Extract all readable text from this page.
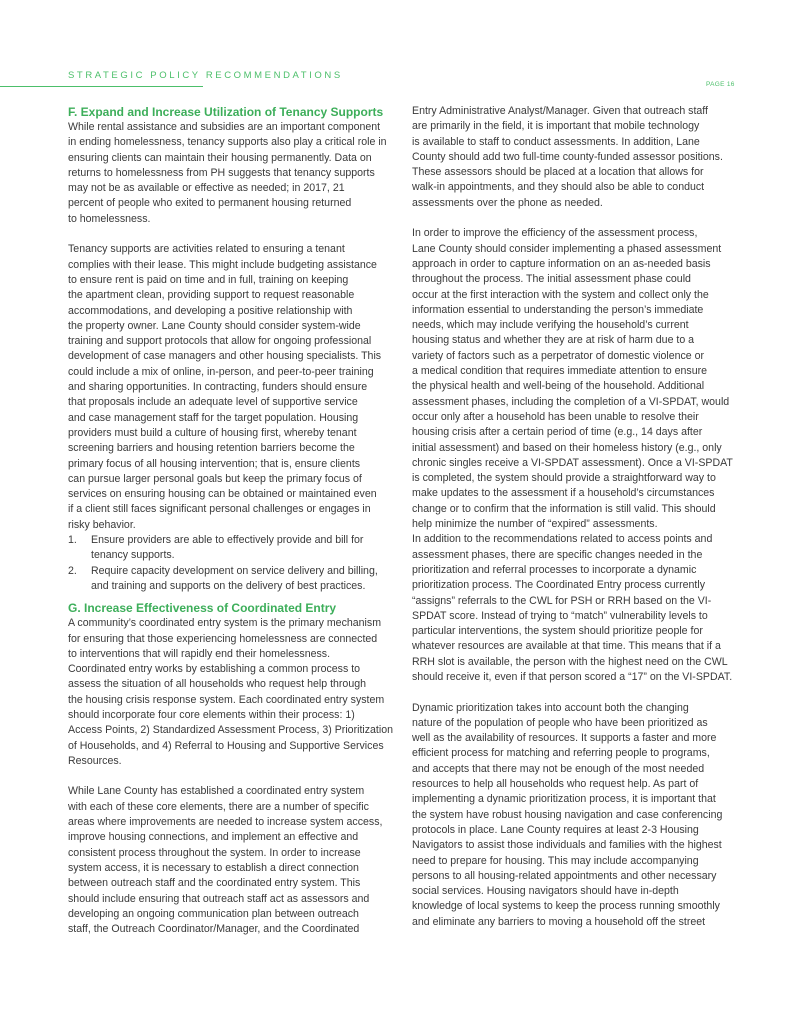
STRATEGIC POLICY RECOMMENDATIONS
PAGE 16
F. Expand and Increase Utilization of Tenancy Supports
While rental assistance and subsidies are an important component
in ending homelessness, tenancy supports also play a critical role in
ensuring clients can maintain their housing permanently. Data on
returns to homelessness from PH suggests that tenancy supports
may not be as available or effective as needed; in 2017, 21
percent of people who exited to permanent housing returned
to homelessness.
Tenancy supports are activities related to ensuring a tenant
complies with their lease. This might include budgeting assistance
to ensure rent is paid on time and in full, training on keeping
the apartment clean, providing support to request reasonable
accommodations, and developing a positive relationship with
the property owner. Lane County should consider system-wide
training and support protocols that allow for ongoing professional
development of case managers and other housing specialists. This
could include a mix of online, in-person, and peer-to-peer training
and sharing opportunities. In contracting, funders should ensure
that proposals include an adequate level of supportive service
and case management staff for the target population. Housing
providers must build a culture of housing first, whereby tenant
screening barriers and housing retention barriers become the
primary focus of all housing intervention; that is, ensure clients
can pursue larger personal goals but keep the primary focus of
services on ensuring housing can be obtained or maintained even
if a client still faces significant personal challenges or engages in
risky behavior.
1. Ensure providers are able to effectively provide and bill for
tenancy supports.
2. Require capacity development on service delivery and billing,
and training and supports on the delivery of best practices.
G. Increase Effectiveness of Coordinated Entry
A community’s coordinated entry system is the primary mechanism
for ensuring that those experiencing homelessness are connected
to interventions that will rapidly end their homelessness.
Coordinated entry works by establishing a common process to
assess the situation of all households who request help through
the housing crisis response system. Each coordinated entry system
should incorporate four core elements within their process: 1)
Access Points, 2) Standardized Assessment Process, 3) Prioritization
of Households, and 4) Referral to Housing and Supportive Services
Resources.
While Lane County has established a coordinated entry system
with each of these core elements, there are a number of specific
areas where improvements are needed to increase system access,
improve housing connections, and implement an effective and
consistent process throughout the system. In order to increase
system access, it is necessary to establish a direct connection
between outreach staff and the coordinated entry system. This
should include ensuring that outreach staff act as assessors and
developing an ongoing communication plan between outreach
staff, the Outreach Coordinator/Manager, and the Coordinated
Entry Administrative Analyst/Manager. Given that outreach staff
are primarily in the field, it is important that mobile technology
is available to staff to conduct assessments. In addition, Lane
County should add two full-time county-funded assessor positions.
These assessors should be placed at a location that allows for
walk-in appointments, and they should also be able to conduct
assessments over the phone as needed.
In order to improve the efficiency of the assessment process,
Lane County should consider implementing a phased assessment
approach in order to capture information on an as-needed basis
throughout the process. The initial assessment phase could
occur at the first interaction with the system and collect only the
information essential to understanding the person’s immediate
needs, which may include verifying the household’s current
housing status and whether they are at risk of harm due to a
variety of factors such as a perpetrator of domestic violence or
a medical condition that requires immediate attention to ensure
the physical health and well-being of the household. Additional
assessment phases, including the completion of a VI-SPDAT, would
occur only after a household has been unable to resolve their
housing crisis after a certain period of time (e.g., 14 days after
initial assessment) and based on their homeless history (e.g., only
chronic singles receive a VI-SPDAT assessment). Once a VI-SPDAT
is completed, the system should provide a straightforward way to
make updates to the assessment if a household’s circumstances
change or to confirm that the information is still valid. This should
help minimize the number of “expired” assessments.
In addition to the recommendations related to access points and
assessment phases, there are specific changes needed in the
prioritization and referral processes to incorporate a dynamic
prioritization process. The Coordinated Entry process currently
“assigns” referrals to the CWL for PSH or RRH based on the VI-
SPDAT score. Instead of trying to “match” vulnerability levels to
particular interventions, the system should prioritize people for
whatever resources are available at that time. This means that if a
RRH slot is available, the person with the highest need on the CWL
should receive it, even if that person scored a “17” on the VI-SPDAT.
Dynamic prioritization takes into account both the changing
nature of the population of people who have been prioritized as
well as the availability of resources. It supports a faster and more
efficient process for matching and referring people to programs,
and accepts that there may not be enough of the most needed
resources to help all households who request help. As part of
implementing a dynamic prioritization process, it is important that
the system have robust housing navigation and case conferencing
protocols in place. Lane County requires at least 2-3 Housing
Navigators to assist those individuals and families with the highest
need to prepare for housing. This may include accompanying
persons to all housing-related appointments and other necessary
social services. Housing navigators should have in-depth
knowledge of local systems to keep the process running smoothly
and eliminate any barriers to moving a household off the street
